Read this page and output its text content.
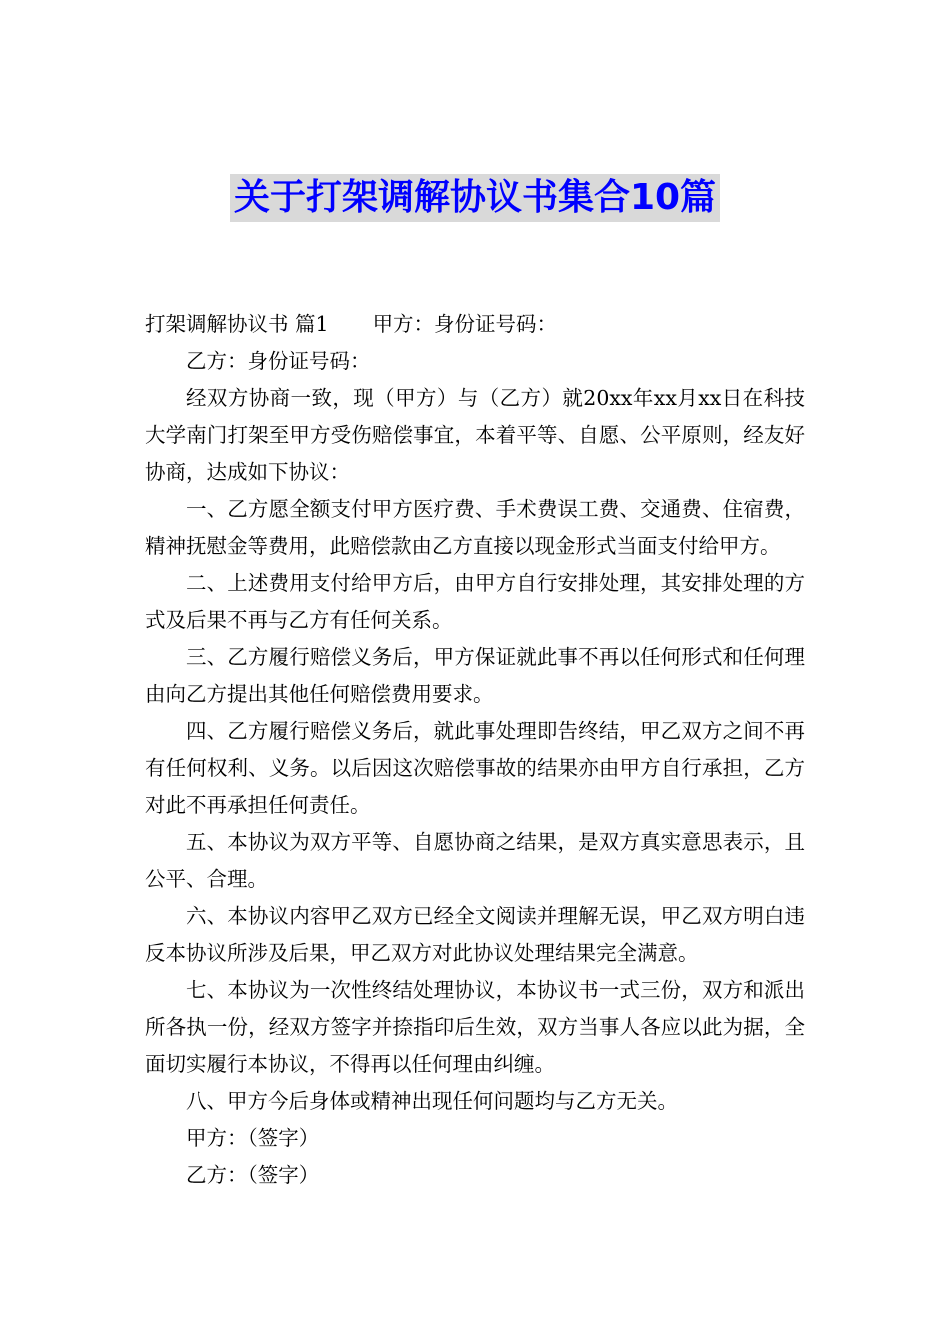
关于打架调解协议书集合10篇

打架调解协议书 篇1 甲方：身份证号码：

乙方：身份证号码：

经双方协商一致，现（甲方）与（乙方）就20xx年xx月xx日在科技大学南门打架至甲方受伤赔偿事宜，本着平等、自愿、公平原则，经友好协商，达成如下协议：

一、乙方愿全额支付甲方医疗费、手术费误工费、交通费、住宿费，精神抚慰金等费用，此赔偿款由乙方直接以现金形式当面支付给甲方。

二、上述费用支付给甲方后，由甲方自行安排处理，其安排处理的方式及后果不再与乙方有任何关系。

三、乙方履行赔偿义务后，甲方保证就此事不再以任何形式和任何理由向乙方提出其他任何赔偿费用要求。

四、乙方履行赔偿义务后，就此事处理即告终结，甲乙双方之间不再有任何权利、义务。以后因这次赔偿事故的结果亦由甲方自行承担，乙方对此不再承担任何责任。

五、本协议为双方平等、自愿协商之结果，是双方真实意思表示，且公平、合理。

六、本协议内容甲乙双方已经全文阅读并理解无误，甲乙双方明白违反本协议所涉及后果，甲乙双方对此协议处理结果完全满意。

七、本协议为一次性终结处理协议，本协议书一式三份，双方和派出所各执一份，经双方签字并捺指印后生效，双方当事人各应以此为据，全面切实履行本协议，不得再以任何理由纠缠。

八、甲方今后身体或精神出现任何问题均与乙方无关。

甲方：（签字）

乙方：（签字）
